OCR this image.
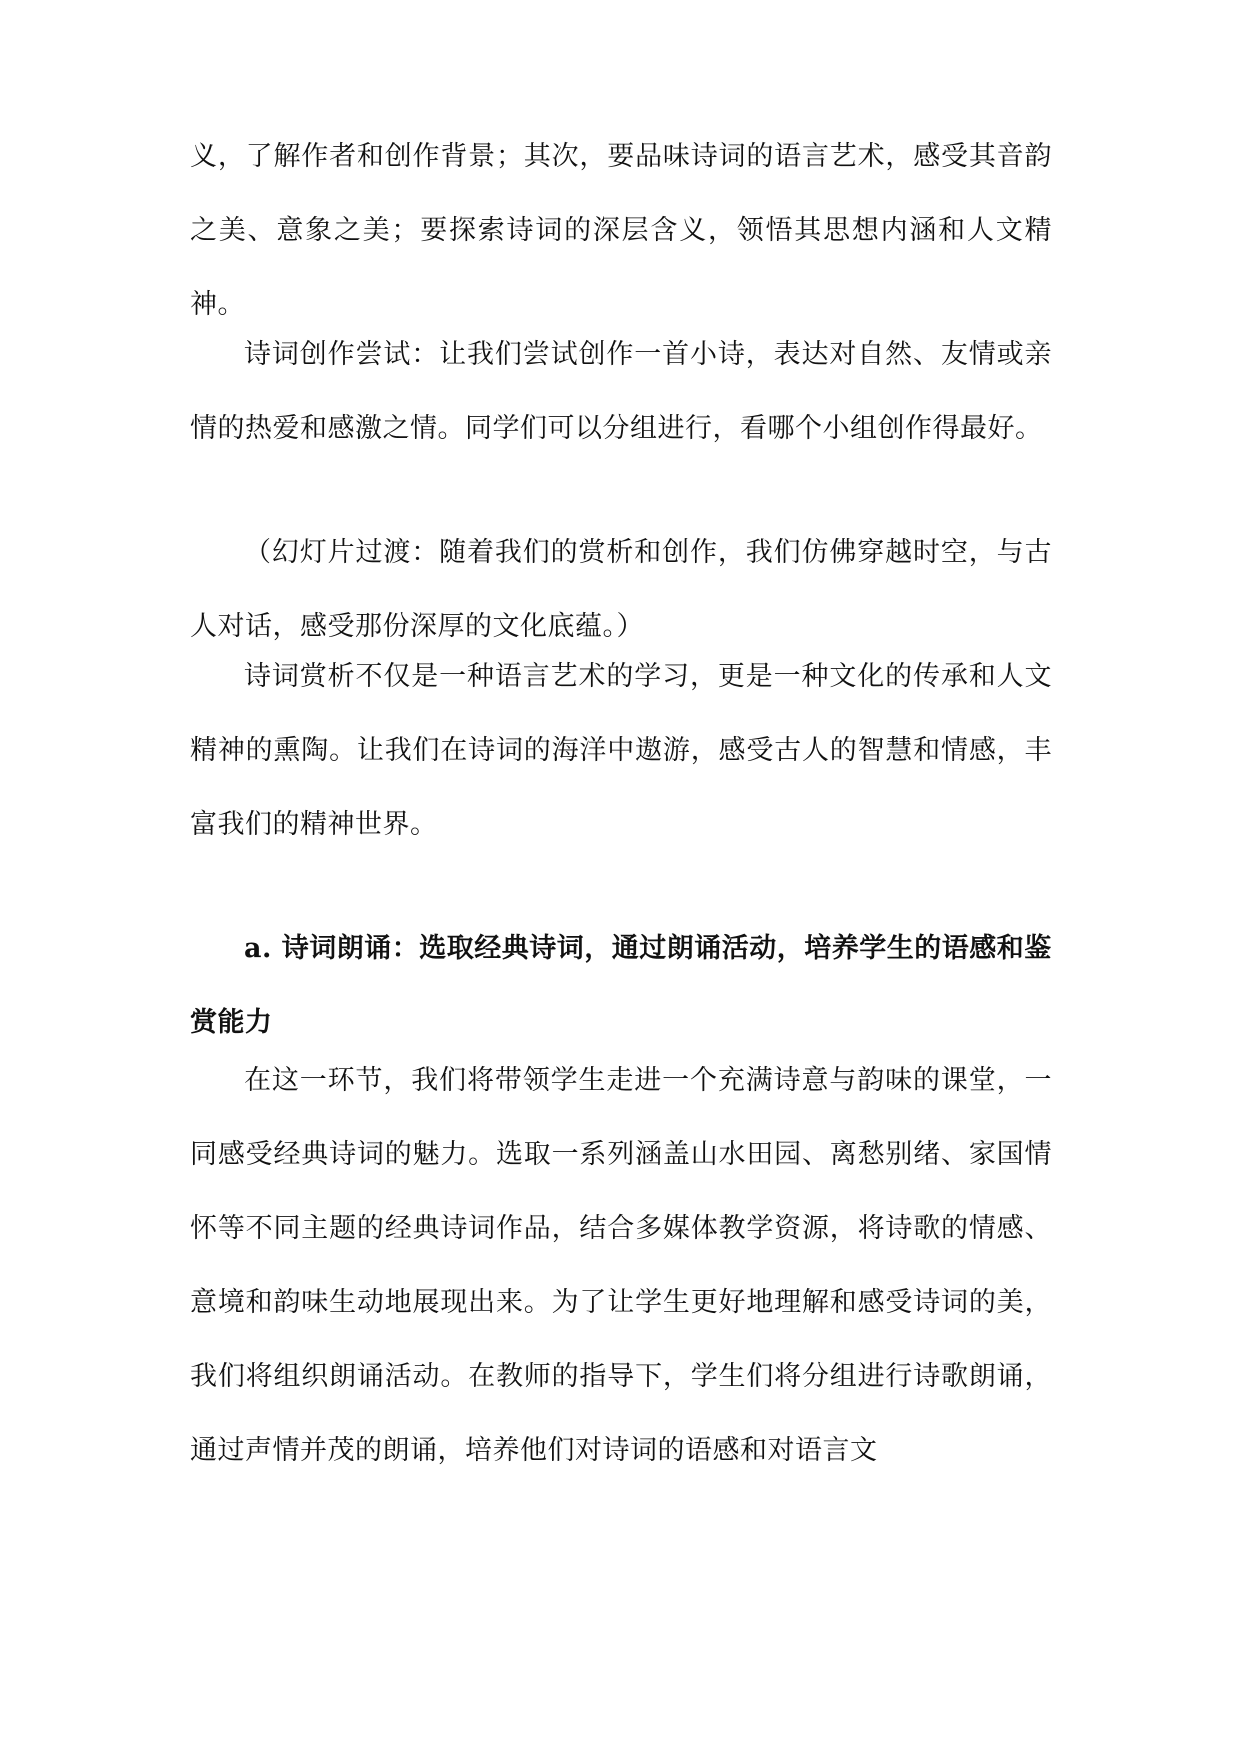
义，了解作者和创作背景；其次，要品味诗词的语言艺术，感受其音韵之美、意象之美；要探索诗词的深层含义，领悟其思想内涵和人文精神。

诗词创作尝试：让我们尝试创作一首小诗，表达对自然、友情或亲情的热爱和感激之情。同学们可以分组进行，看哪个小组创作得最好。

（幻灯片过渡：随着我们的赏析和创作，我们仿佛穿越时空，与古人对话，感受那份深厚的文化底蕴。）

诗词赏析不仅是一种语言艺术的学习，更是一种文化的传承和人文精神的熏陶。让我们在诗词的海洋中遨游，感受古人的智慧和情感，丰富我们的精神世界。

a. 诗词朗诵：选取经典诗词，通过朗诵活动，培养学生的语感和鉴赏能力

在这一环节，我们将带领学生走进一个充满诗意与韵味的课堂，一同感受经典诗词的魅力。选取一系列涵盖山水田园、离愁别绪、家国情怀等不同主题的经典诗词作品，结合多媒体教学资源，将诗歌的情感、意境和韵味生动地展现出来。为了让学生更好地理解和感受诗词的美，我们将组织朗诵活动。在教师的指导下，学生们将分组进行诗歌朗诵，通过声情并茂的朗诵，培养他们对诗词的语感和对语言文
